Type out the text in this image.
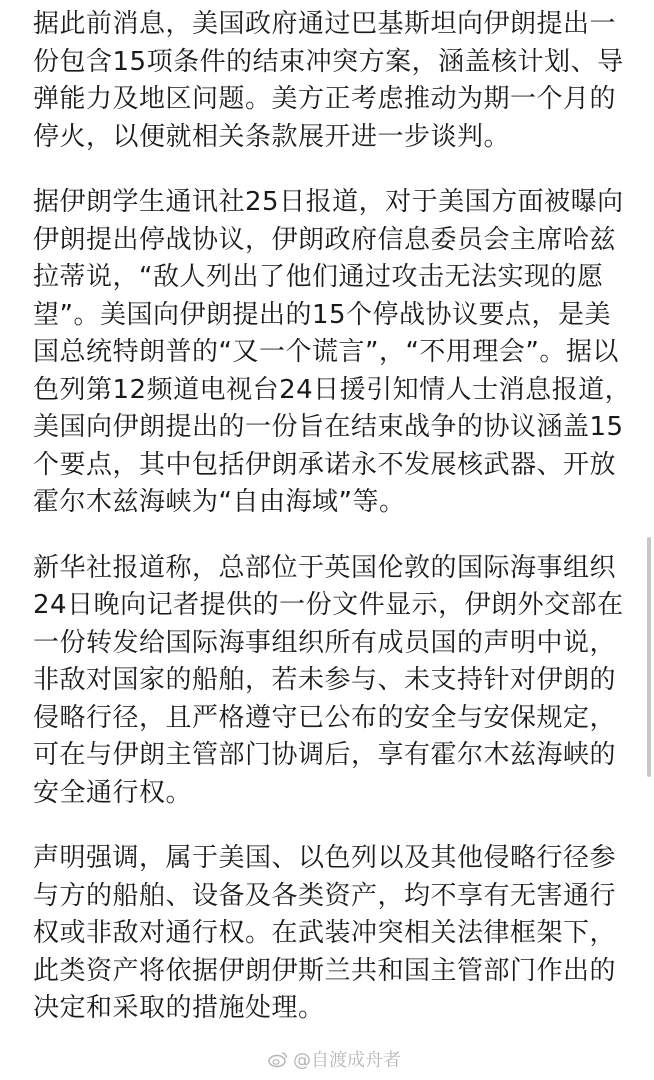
据此前消息，美国政府通过巴基斯坦向伊朗提出一
份包含15项条件的结束冲突方案，涵盖核计划、导
弹能力及地区问题。美方正考虑推动为期一个月的
停火，以便就相关条款展开进一步谈判。
据伊朗学生通讯社25日报道，对于美国方面被曝向
伊朗提出停战协议，伊朗政府信息委员会主席哈兹
拉蒂说，“敌人列出了他们通过攻击无法实现的愿
望”。美国向伊朗提出的15个停战协议要点，是美
国总统特朗普的“又一个谎言”，“不用理会”。据以
色列第12频道电视台24日援引知情人士消息报道，
美国向伊朗提出的一份旨在结束战争的协议涵盖15
个要点，其中包括伊朗承诺永不发展核武器、开放
霍尔木兹海峡为“自由海域”等。
新华社报道称，总部位于英国伦敦的国际海事组织
24日晚向记者提供的一份文件显示，伊朗外交部在
一份转发给国际海事组织所有成员国的声明中说，
非敌对国家的船舶，若未参与、未支持针对伊朗的
侵略行径，且严格遵守已公布的安全与安保规定，
可在与伊朗主管部门协调后，享有霍尔木兹海峡的
安全通行权。
声明强调，属于美国、以色列以及其他侵略行径参
与方的船舶、设备及各类资产，均不享有无害通行
权或非敌对通行权。在武装冲突相关法律框架下，
此类资产将依据伊朗伊斯兰共和国主管部门作出的
决定和采取的措施处理。
@自渡成舟者
